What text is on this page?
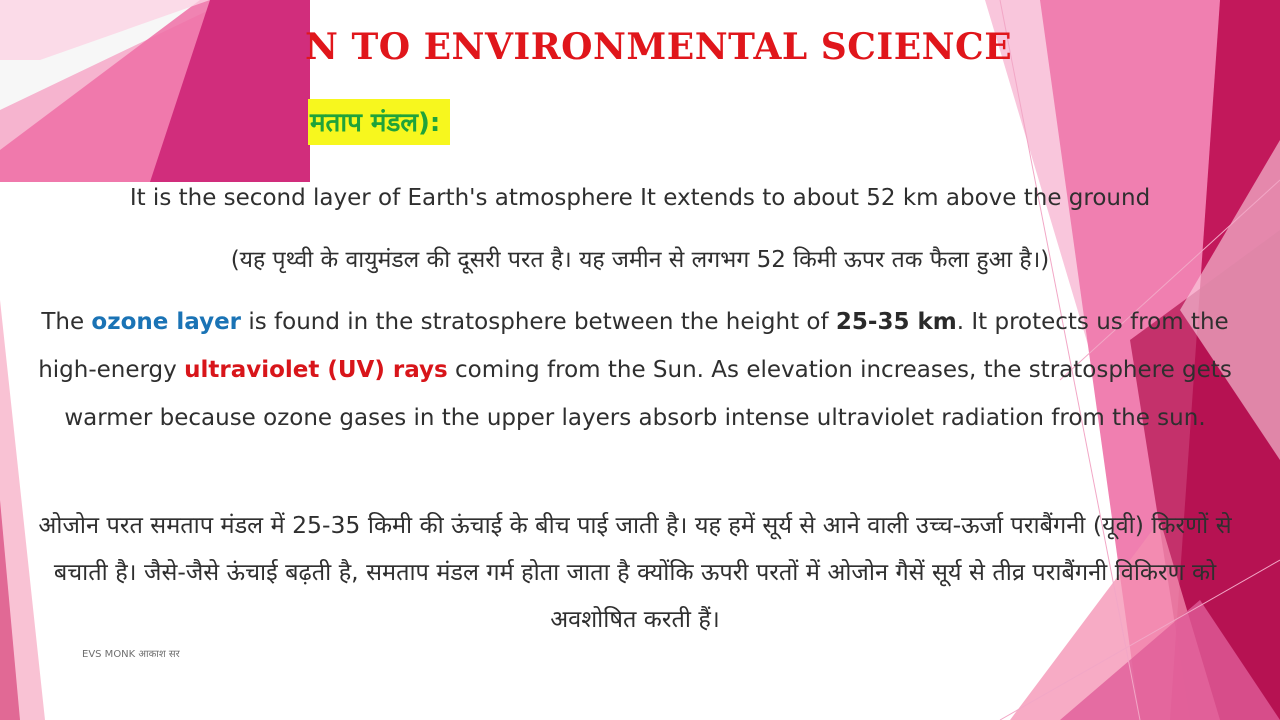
N TO ENVIRONMENTAL SCIENCE
मताप मंडल):
It is the second layer of Earth's atmosphere It extends to about 52 km above the ground
(यह पृथ्वी के वायुमंडल की दूसरी परत है। यह जमीन से लगभग 52 किमी ऊपर तक फैला हुआ है।)
The ozone layer is found in the stratosphere between the height of 25-35 km. It protects us from the high-energy ultraviolet (UV) rays coming from the Sun. As elevation increases, the stratosphere gets warmer because ozone gases in the upper layers absorb intense ultraviolet radiation from the sun.
ओजोन परत समताप मंडल में 25-35 किमी की ऊंचाई के बीच पाई जाती है। यह हमें सूर्य से आने वाली उच्च-ऊर्जा पराबैंगनी (यूवी) किरणों से बचाती है। जैसे-जैसे ऊंचाई बढ़ती है, समताप मंडल गर्म होता जाता है क्योंकि ऊपरी परतों में ओजोन गैसें सूर्य से तीव्र पराबैंगनी विकिरण को अवशोषित करती हैं।
EVS MONK आकाश सर
